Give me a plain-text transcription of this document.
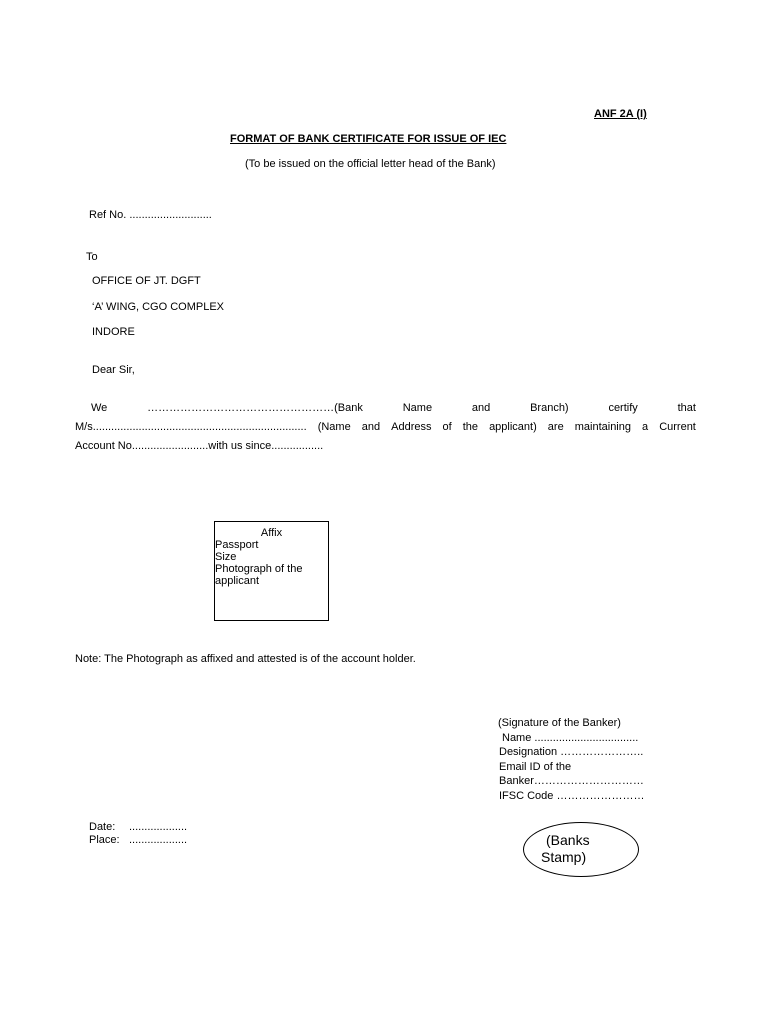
ANF 2A (I)
FORMAT OF BANK CERTIFICATE FOR ISSUE OF IEC
(To be issued on the official letter head of the Bank)
Ref No. ...........................
To
OFFICE OF JT. DGFT
‘A’ WING, CGO COMPLEX
INDORE
Dear Sir,
We	……………………………………………(Bank	Name	and	Branch)	certify	that
M/s...................................................................... (Name and Address of the applicant) are maintaining a Current
Account No.........................with us since.................
Affix
Passport
Size
Photograph of the
applicant
Note: The Photograph as affixed and attested is of the account holder.
(Signature of the Banker)
Name ..................................
Designation …………………..
Email ID of the
Banker…………………………
IFSC Code ……………………
Date: ...................
Place: ...................	(Banks
Stamp)
